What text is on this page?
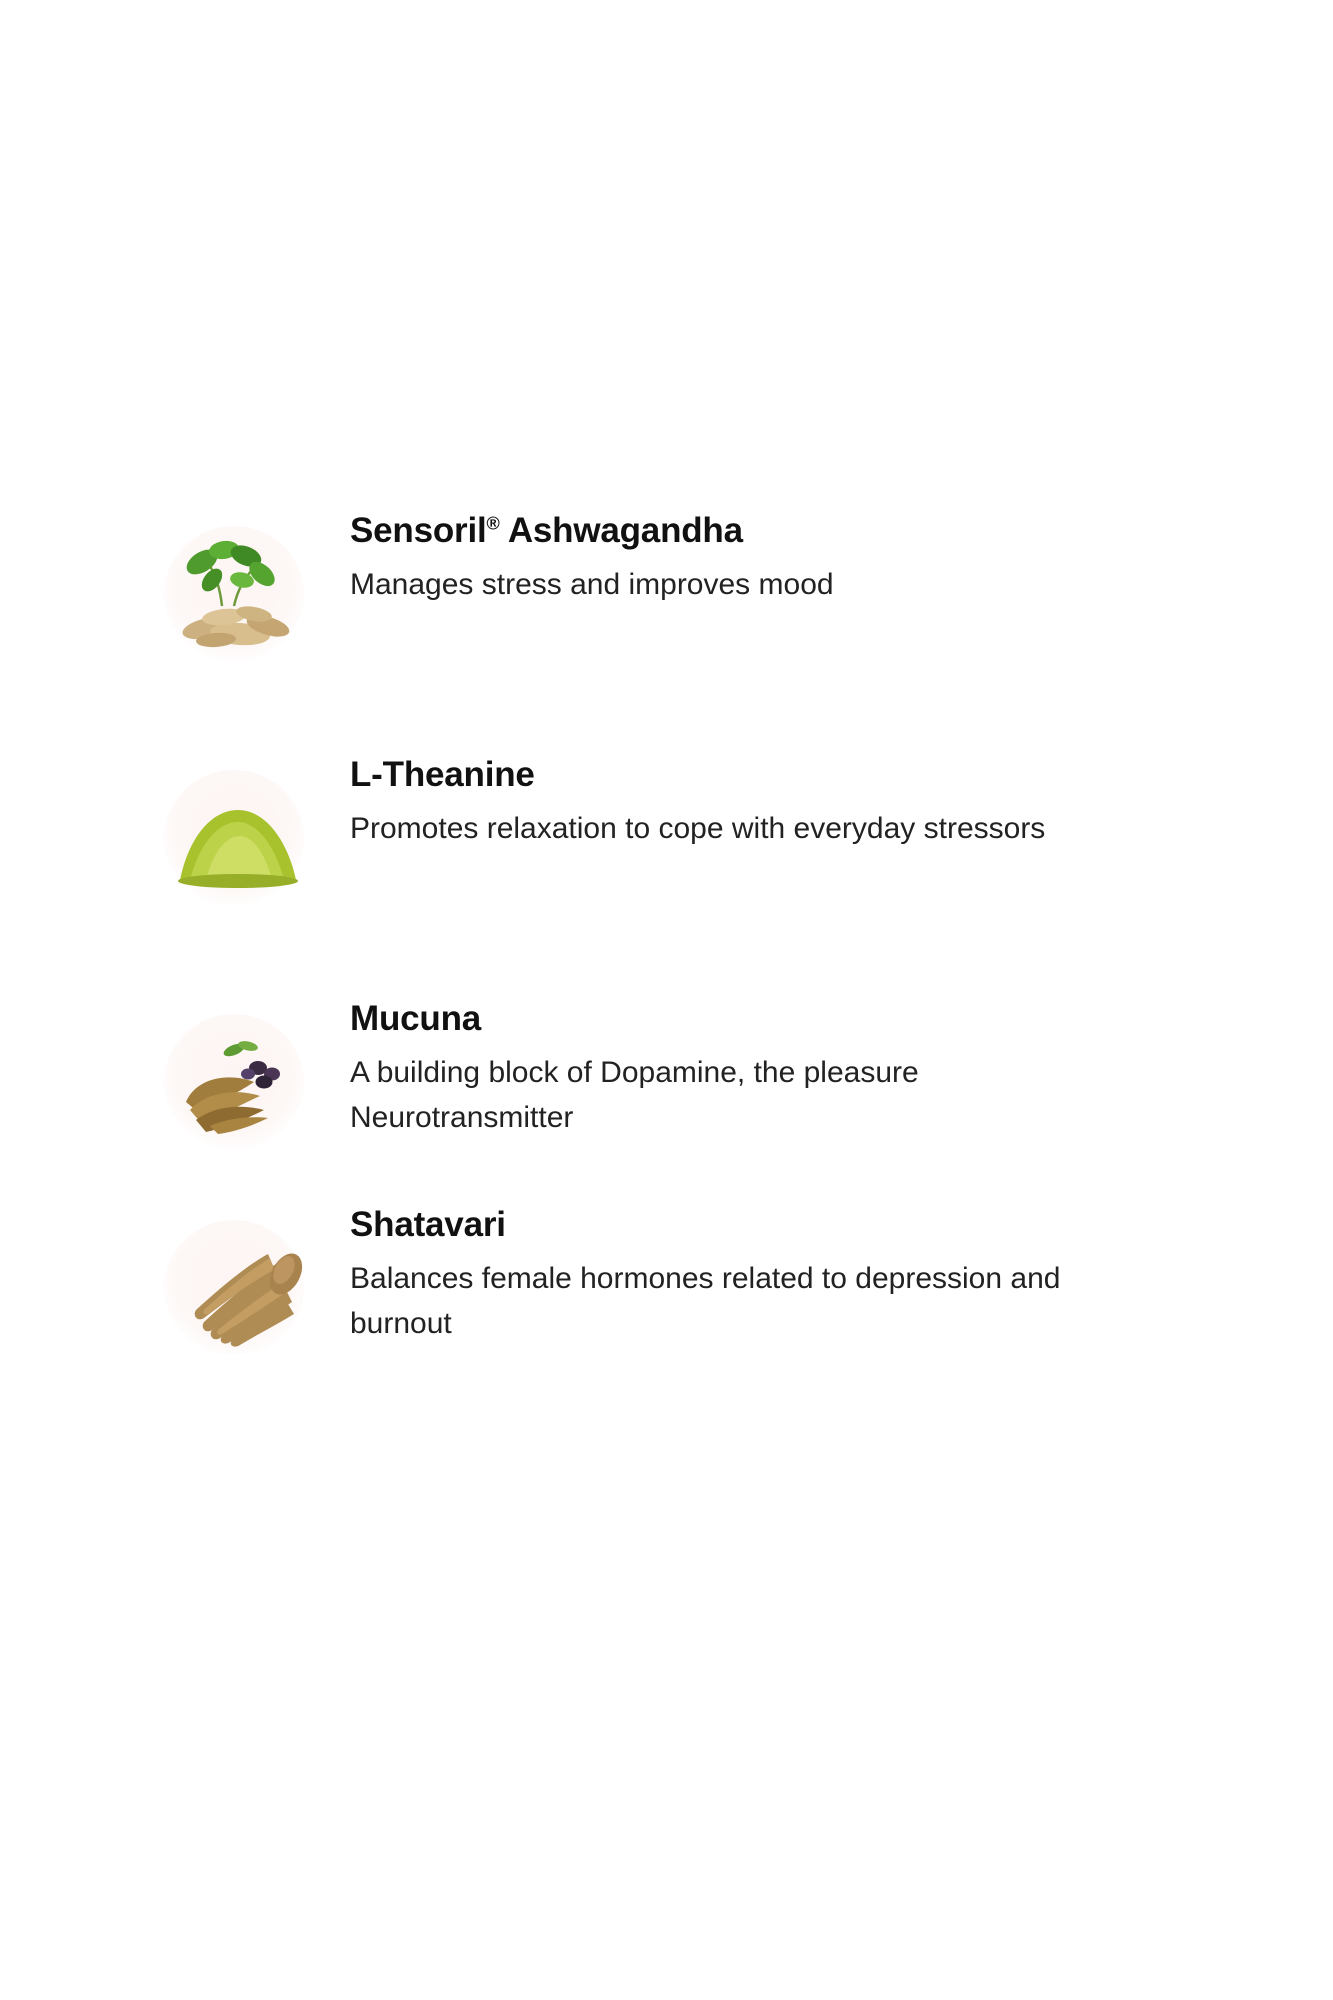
Sensoril® Ashwagandha

Manages stress and improves mood

L-Theanine

Promotes relaxation to cope with everyday stressors

Mucuna

A building block of Dopamine, the pleasure Neurotransmitter

Shatavari

Balances female hormones related to depression and burnout
